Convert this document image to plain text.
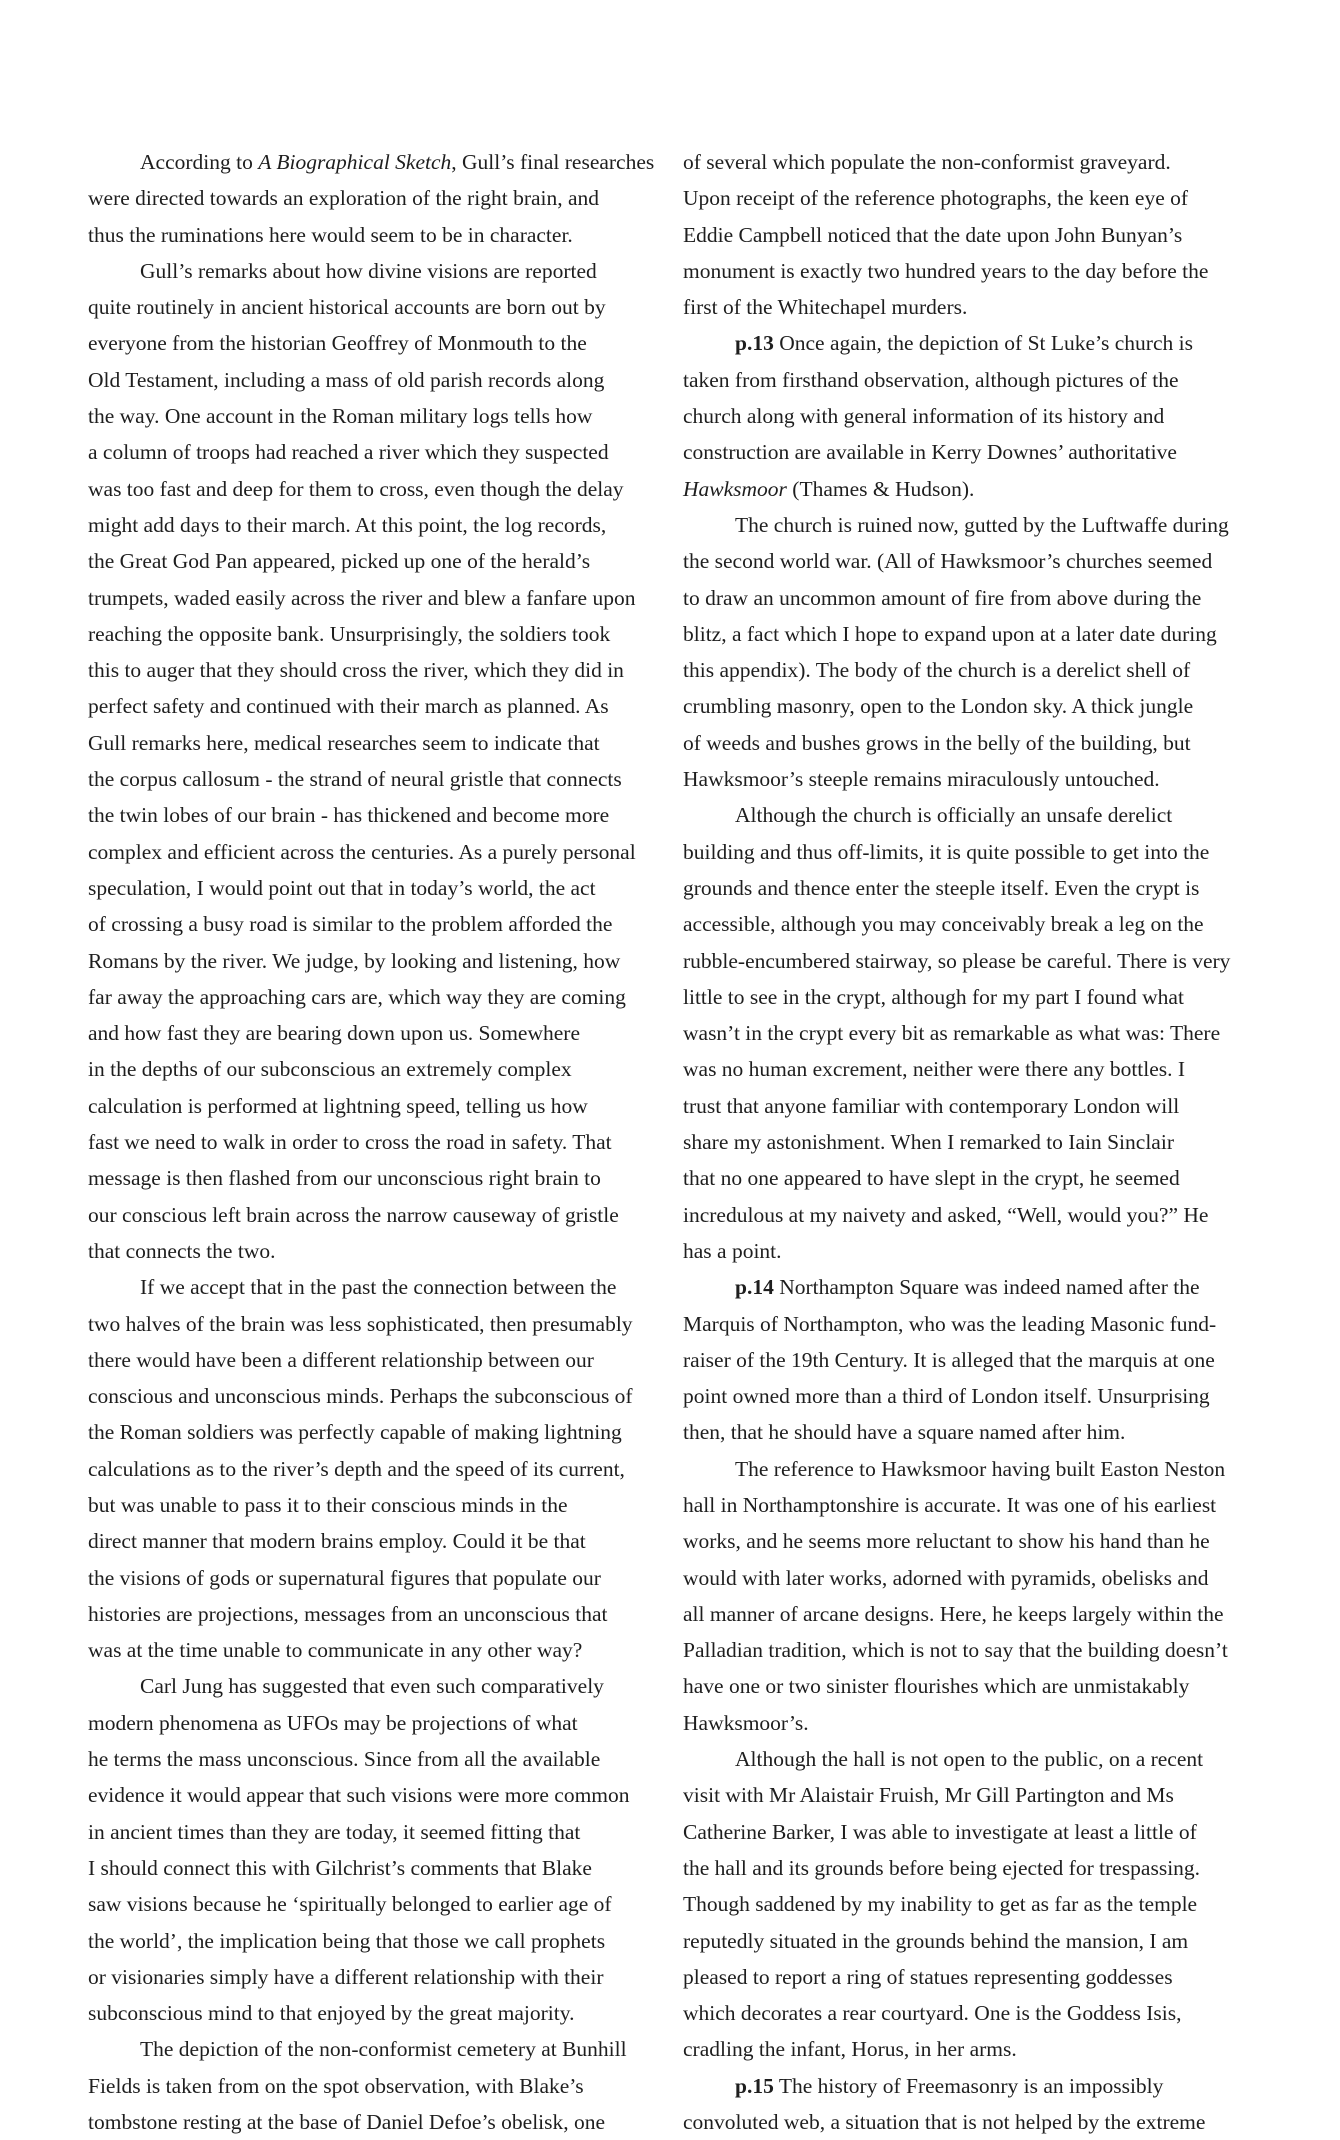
According to A Biographical Sketch, Gull’s final researches
were directed towards an exploration of the right brain, and
thus the ruminations here would seem to be in character.
Gull’s remarks about how divine visions are reported
quite routinely in ancient historical accounts are born out by
everyone from the historian Geoffrey of Monmouth to the
Old Testament, including a mass of old parish records along
the way. One account in the Roman military logs tells how
a column of troops had reached a river which they suspected
was too fast and deep for them to cross, even though the delay
might add days to their march. At this point, the log records,
the Great God Pan appeared, picked up one of the herald’s
trumpets, waded easily across the river and blew a fanfare upon
reaching the opposite bank. Unsurprisingly, the soldiers took
this to auger that they should cross the river, which they did in
perfect safety and continued with their march as planned. As
Gull remarks here, medical researches seem to indicate that
the corpus callosum - the strand of neural gristle that connects
the twin lobes of our brain - has thickened and become more
complex and efficient across the centuries. As a purely personal
speculation, I would point out that in today’s world, the act
of crossing a busy road is similar to the problem afforded the
Romans by the river. We judge, by looking and listening, how
far away the approaching cars are, which way they are coming
and how fast they are bearing down upon us. Somewhere
in the depths of our subconscious an extremely complex
calculation is performed at lightning speed, telling us how
fast we need to walk in order to cross the road in safety. That
message is then flashed from our unconscious right brain to
our conscious left brain across the narrow causeway of gristle
that connects the two.
If we accept that in the past the connection between the
two halves of the brain was less sophisticated, then presumably
there would have been a different relationship between our
conscious and unconscious minds. Perhaps the subconscious of
the Roman soldiers was perfectly capable of making lightning
calculations as to the river’s depth and the speed of its current,
but was unable to pass it to their conscious minds in the
direct manner that modern brains employ. Could it be that
the visions of gods or supernatural figures that populate our
histories are projections, messages from an unconscious that
was at the time unable to communicate in any other way?
Carl Jung has suggested that even such comparatively
modern phenomena as UFOs may be projections of what
he terms the mass unconscious. Since from all the available
evidence it would appear that such visions were more common
in ancient times than they are today, it seemed fitting that
I should connect this with Gilchrist’s comments that Blake
saw visions because he ‘spiritually belonged to earlier age of
the world’, the implication being that those we call prophets
or visionaries simply have a different relationship with their
subconscious mind to that enjoyed by the great majority.
The depiction of the non-conformist cemetery at Bunhill
Fields is taken from on the spot observation, with Blake’s
tombstone resting at the base of Daniel Defoe’s obelisk, one
of several which populate the non-conformist graveyard.
Upon receipt of the reference photographs, the keen eye of
Eddie Campbell noticed that the date upon John Bunyan’s
monument is exactly two hundred years to the day before the
first of the Whitechapel murders.
p.13 Once again, the depiction of St Luke’s church is
taken from firsthand observation, although pictures of the
church along with general information of its history and
construction are available in Kerry Downes’ authoritative
Hawksmoor (Thames & Hudson).
The church is ruined now, gutted by the Luftwaffe during
the second world war. (All of Hawksmoor’s churches seemed
to draw an uncommon amount of fire from above during the
blitz, a fact which I hope to expand upon at a later date during
this appendix). The body of the church is a derelict shell of
crumbling masonry, open to the London sky. A thick jungle
of weeds and bushes grows in the belly of the building, but
Hawksmoor’s steeple remains miraculously untouched.
Although the church is officially an unsafe derelict
building and thus off-limits, it is quite possible to get into the
grounds and thence enter the steeple itself. Even the crypt is
accessible, although you may conceivably break a leg on the
rubble-encumbered stairway, so please be careful. There is very
little to see in the crypt, although for my part I found what
wasn’t in the crypt every bit as remarkable as what was: There
was no human excrement, neither were there any bottles. I
trust that anyone familiar with contemporary London will
share my astonishment. When I remarked to Iain Sinclair
that no one appeared to have slept in the crypt, he seemed
incredulous at my naivety and asked, “Well, would you?” He
has a point.
p.14 Northampton Square was indeed named after the
Marquis of Northampton, who was the leading Masonic fund-
raiser of the 19th Century. It is alleged that the marquis at one
point owned more than a third of London itself. Unsurprising
then, that he should have a square named after him.
The reference to Hawksmoor having built Easton Neston
hall in Northamptonshire is accurate. It was one of his earliest
works, and he seems more reluctant to show his hand than he
would with later works, adorned with pyramids, obelisks and
all manner of arcane designs. Here, he keeps largely within the
Palladian tradition, which is not to say that the building doesn’t
have one or two sinister flourishes which are unmistakably
Hawksmoor’s.
Although the hall is not open to the public, on a recent
visit with Mr Alaistair Fruish, Mr Gill Partington and Ms
Catherine Barker, I was able to investigate at least a little of
the hall and its grounds before being ejected for trespassing.
Though saddened by my inability to get as far as the temple
reputedly situated in the grounds behind the mansion, I am
pleased to report a ring of statues representing goddesses
which decorates a rear courtyard. One is the Goddess Isis,
cradling the infant, Horus, in her arms.
p.15 The history of Freemasonry is an impossibly
convoluted web, a situation that is not helped by the extreme
